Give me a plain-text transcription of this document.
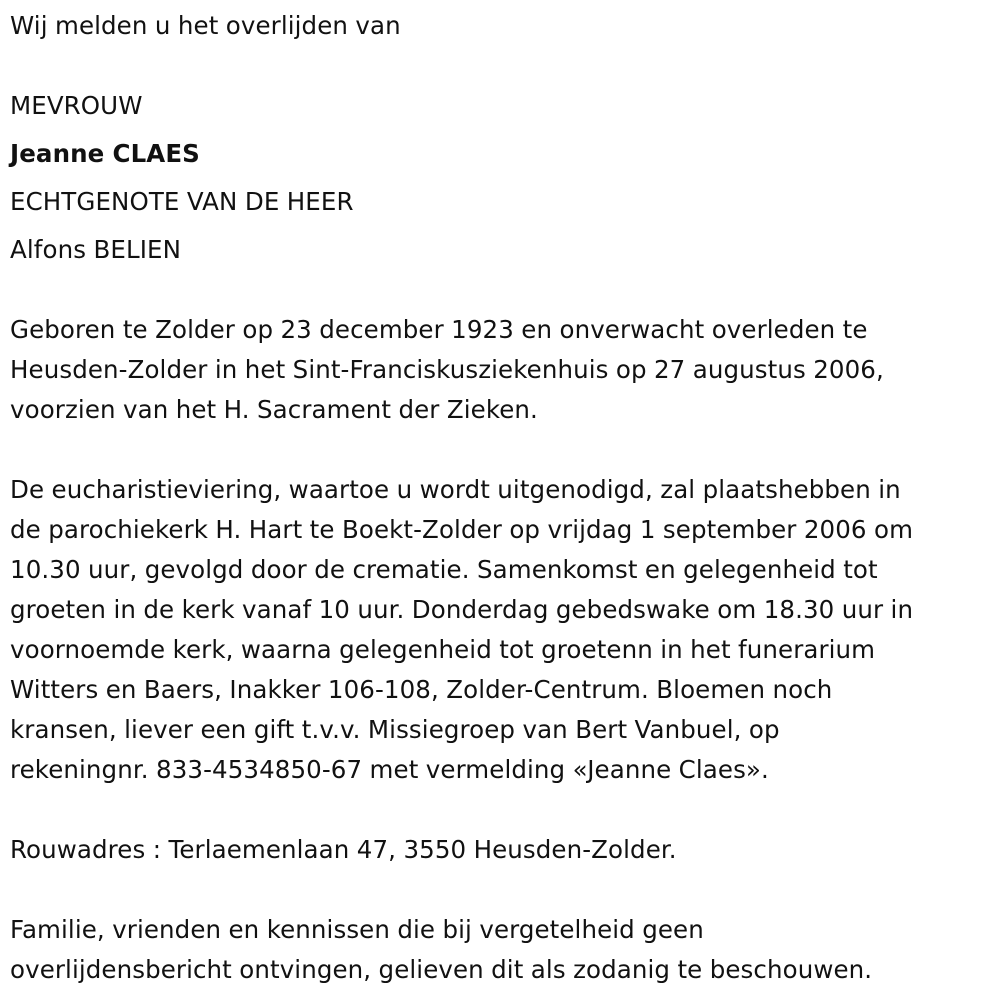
Wij melden u het overlijden van
MEVROUW
Jeanne CLAES
ECHTGENOTE VAN DE HEER
Alfons BELIEN
Geboren te Zolder op 23 december 1923 en onverwacht overleden te
Heusden-Zolder in het Sint-Franciskusziekenhuis op 27 augustus 2006,
voorzien van het H. Sacrament der Zieken.
De eucharistieviering, waartoe u wordt uitgenodigd, zal plaatshebben in
de parochiekerk H. Hart te Boekt-Zolder op vrijdag 1 september 2006 om
10.30 uur, gevolgd door de crematie. Samenkomst en gelegenheid tot
groeten in de kerk vanaf 10 uur. Donderdag gebedswake om 18.30 uur in
voornoemde kerk, waarna gelegenheid tot groetenn in het funerarium
Witters en Baers, Inakker 106-108, Zolder-Centrum. Bloemen noch
kransen, liever een gift t.v.v. Missiegroep van Bert Vanbuel, op
rekeningnr. 833-4534850-67 met vermelding «Jeanne Claes».
Rouwadres : Terlaemenlaan 47, 3550 Heusden-Zolder.
Familie, vrienden en kennissen die bij vergetelheid geen
overlijdensbericht ontvingen, gelieven dit als zodanig te beschouwen.
